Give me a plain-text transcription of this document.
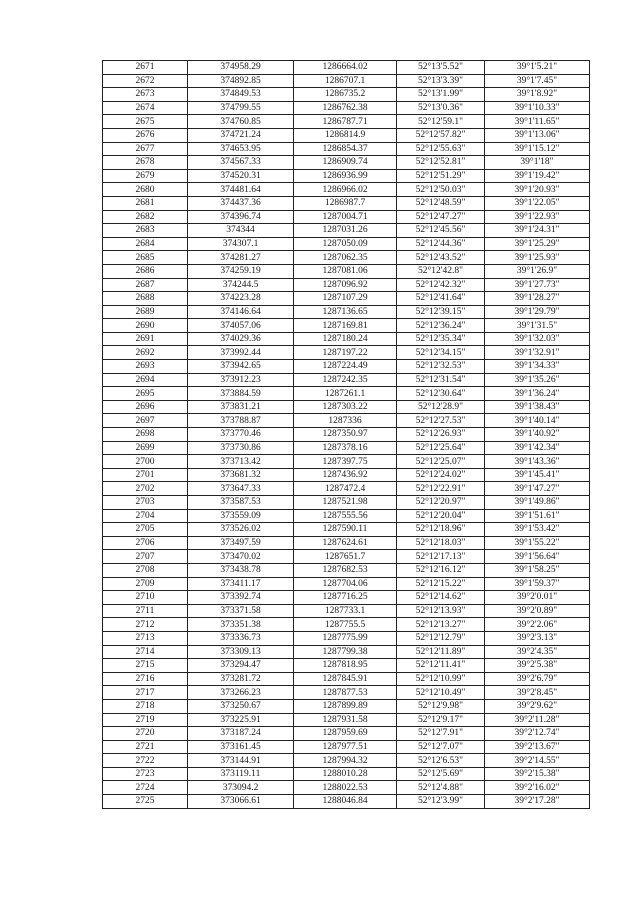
2671	374958.29	1286664.02	52°13'5.52"	39°1'5.21"
2672	374892.85	1286707.1	52°13'3.39"	39°1'7.45"
2673	374849.53	1286735.2	52°13'1.99"	39°1'8.92"
2674	374799.55	1286762.38	52°13'0.36"	39°1'10.33"
2675	374760.85	1286787.71	52°12'59.1"	39°1'11.65"
2676	374721.24	1286814.9	52°12'57.82"	39°1'13.06"
2677	374653.95	1286854.37	52°12'55.63"	39°1'15.12"
2678	374567.33	1286909.74	52°12'52.81"	39°1'18"
2679	374520.31	1286936.99	52°12'51.29"	39°1'19.42"
2680	374481.64	1286966.02	52°12'50.03"	39°1'20.93"
2681	374437.36	1286987.7	52°12'48.59"	39°1'22.05"
2682	374396.74	1287004.71	52°12'47.27"	39°1'22.93"
2683	374344	1287031.26	52°12'45.56"	39°1'24.31"
2684	374307.1	1287050.09	52°12'44.36"	39°1'25.29"
2685	374281.27	1287062.35	52°12'43.52"	39°1'25.93"
2686	374259.19	1287081.06	52°12'42.8"	39°1'26.9"
2687	374244.5	1287096.92	52°12'42.32"	39°1'27.73"
2688	374223.28	1287107.29	52°12'41.64"	39°1'28.27"
2689	374146.64	1287136.65	52°12'39.15"	39°1'29.79"
2690	374057.06	1287169.81	52°12'36.24"	39°1'31.5"
2691	374029.36	1287180.24	52°12'35.34"	39°1'32.03"
2692	373992.44	1287197.22	52°12'34.15"	39°1'32.91"
2693	373942.65	1287224.49	52°12'32.53"	39°1'34.33"
2694	373912.23	1287242.35	52°12'31.54"	39°1'35.26"
2695	373884.59	1287261.1	52°12'30.64"	39°1'36.24"
2696	373831.21	1287303.22	52°12'28.9"	39°1'38.43"
2697	373788.87	1287336	52°12'27.53"	39°1'40.14"
2698	373770.46	1287350.97	52°12'26.93"	39°1'40.92"
2699	373730.86	1287378.16	52°12'25.64"	39°1'42.34"
2700	373713.42	1287397.75	52°12'25.07"	39°1'43.36"
2701	373681.32	1287436.92	52°12'24.02"	39°1'45.41"
2702	373647.33	1287472.4	52°12'22.91"	39°1'47.27"
2703	373587.53	1287521.98	52°12'20.97"	39°1'49.86"
2704	373559.09	1287555.56	52°12'20.04"	39°1'51.61"
2705	373526.02	1287590.11	52°12'18.96"	39°1'53.42"
2706	373497.59	1287624.61	52°12'18.03"	39°1'55.22"
2707	373470.02	1287651.7	52°12'17.13"	39°1'56.64"
2708	373438.78	1287682.53	52°12'16.12"	39°1'58.25"
2709	373411.17	1287704.06	52°12'15.22"	39°1'59.37"
2710	373392.74	1287716.25	52°12'14.62"	39°2'0.01"
2711	373371.58	1287733.1	52°12'13.93"	39°2'0.89"
2712	373351.38	1287755.5	52°12'13.27"	39°2'2.06"
2713	373336.73	1287775.99	52°12'12.79"	39°2'3.13"
2714	373309.13	1287799.38	52°12'11.89"	39°2'4.35"
2715	373294.47	1287818.95	52°12'11.41"	39°2'5.38"
2716	373281.72	1287845.91	52°12'10.99"	39°2'6.79"
2717	373266.23	1287877.53	52°12'10.49"	39°2'8.45"
2718	373250.67	1287899.89	52°12'9.98"	39°2'9.62"
2719	373225.91	1287931.58	52°12'9.17"	39°2'11.28"
2720	373187.24	1287959.69	52°12'7.91"	39°2'12.74"
2721	373161.45	1287977.51	52°12'7.07"	39°2'13.67"
2722	373144.91	1287994.32	52°12'6.53"	39°2'14.55"
2723	373119.11	1288010.28	52°12'5.69"	39°2'15.38"
2724	373094.2	1288022.53	52°12'4.88"	39°2'16.02"
2725	373066.61	1288046.84	52°12'3.99"	39°2'17.28"
